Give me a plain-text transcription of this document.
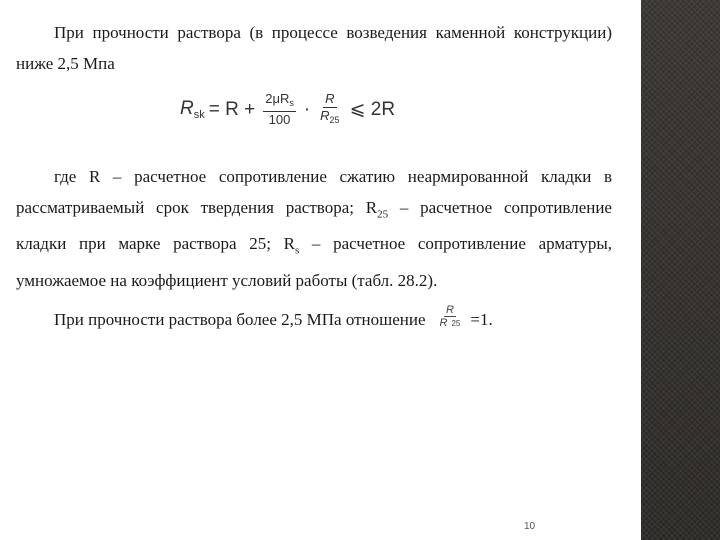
При прочности раствора (в процессе возведения каменной конструкции) ниже 2,5 Мпа

$R_{sk} = R + \frac{2\mu R_s}{100} \cdot \frac{R}{R_{25}}$ ⩽ 2R

где R – расчетное сопротивление сжатию неармированной кладки в рассматриваемый срок твердения раствора; $R_{25}$ – расчетное сопротивление кладки при марке раствора 25; $R_s$ – расчетное сопротивление арматуры, умножаемое на коэффициент условий работы (табл. 28.2).

При прочности раствора более 2,5 МПа отношение $\frac{R}{R 25} =1$.
10
